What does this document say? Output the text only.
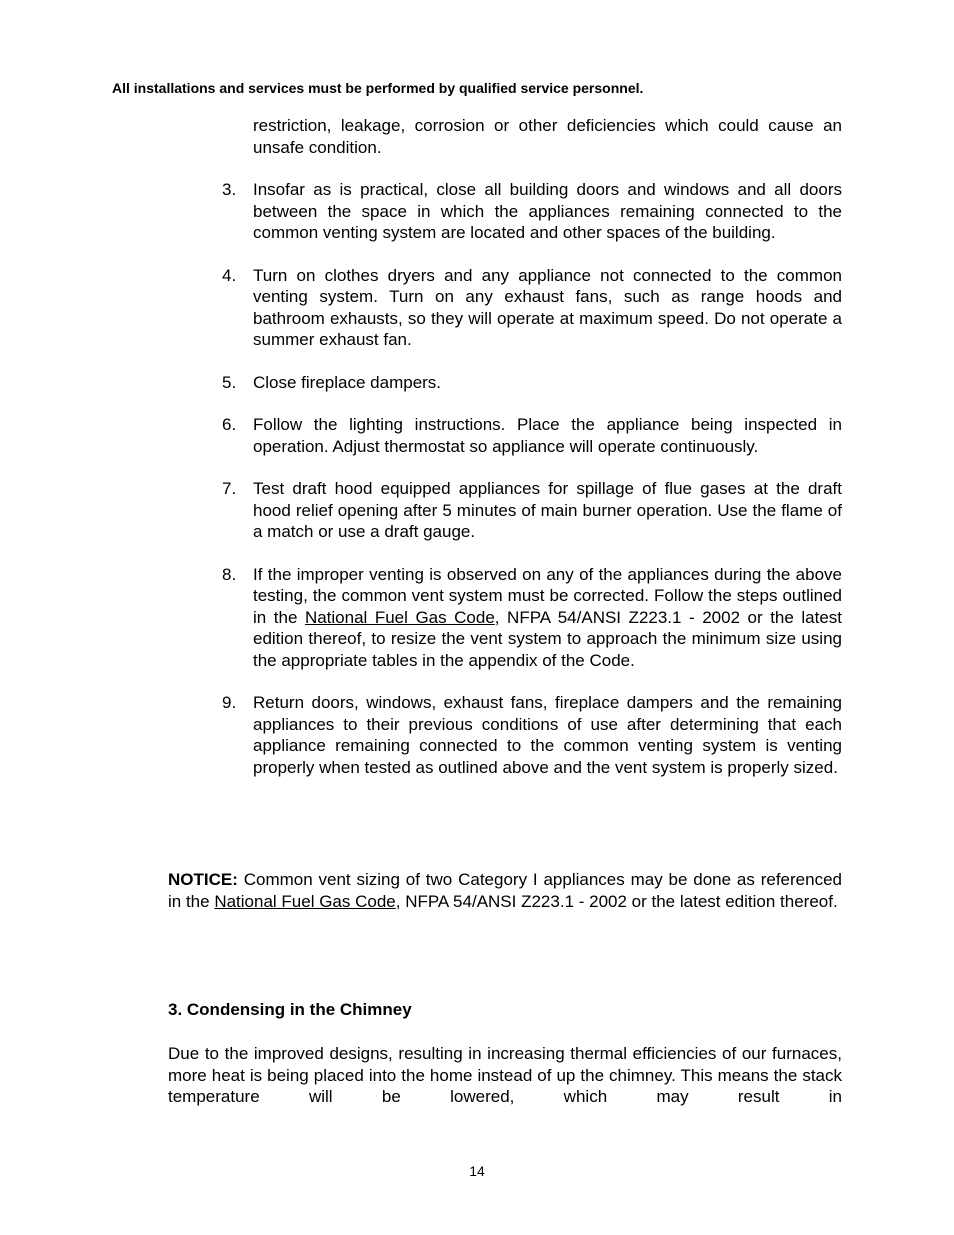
All installations and services must be performed by qualified service personnel.
restriction, leakage, corrosion or other deficiencies which could cause an unsafe condition.
3. Insofar as is practical, close all building doors and windows and all doors between the space in which the appliances remaining connected to the common venting system are located and other spaces of the building.
4. Turn on clothes dryers and any appliance not connected to the common venting system. Turn on any exhaust fans, such as range hoods and bathroom exhausts, so they will operate at maximum speed. Do not operate a summer exhaust fan.
5. Close fireplace dampers.
6. Follow the lighting instructions. Place the appliance being inspected in operation. Adjust thermostat so appliance will operate continuously.
7. Test draft hood equipped appliances for spillage of flue gases at the draft hood relief opening after 5 minutes of main burner operation. Use the flame of a match or use a draft gauge.
8. If the improper venting is observed on any of the appliances during the above testing, the common vent system must be corrected. Follow the steps outlined in the National Fuel Gas Code, NFPA 54/ANSI Z223.1 - 2002 or the latest edition thereof, to resize the vent system to approach the minimum size using the appropriate tables in the appendix of the Code.
9. Return doors, windows, exhaust fans, fireplace dampers and the remaining appliances to their previous conditions of use after determining that each appliance remaining connected to the common venting system is venting properly when tested as outlined above and the vent system is properly sized.

NOTICE: Common vent sizing of two Category I appliances may be done as referenced in the National Fuel Gas Code, NFPA 54/ANSI Z223.1 - 2002 or the latest edition thereof.

3. Condensing in the Chimney

Due to the improved designs, resulting in increasing thermal efficiencies of our furnaces, more heat is being placed into the home instead of up the chimney. This means the stack temperature will be lowered, which may result in

14
